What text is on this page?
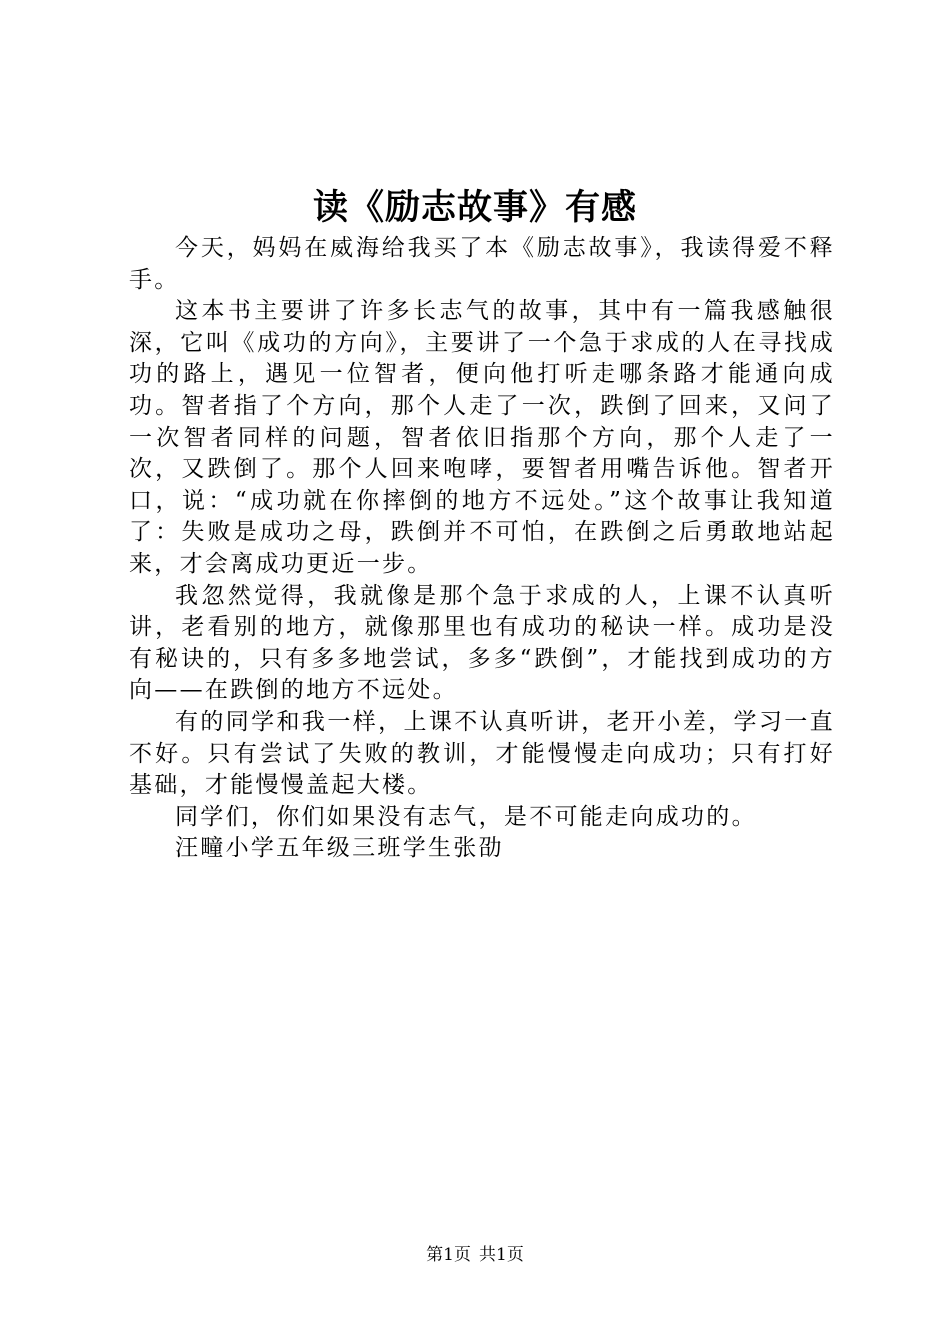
读《励志故事》有感

今天，妈妈在威海给我买了本《励志故事》，我读得爱不释手。

这本书主要讲了许多长志气的故事，其中有一篇我感触很深，它叫《成功的方向》，主要讲了一个急于求成的人在寻找成功的路上，遇见一位智者，便向他打听走哪条路才能通向成功。智者指了个方向，那个人走了一次，跌倒了回来，又问了一次智者同样的问题，智者依旧指那个方向，那个人走了一次，又跌倒了。那个人回来咆哮，要智者用嘴告诉他。智者开口，说：“成功就在你摔倒的地方不远处。”这个故事让我知道了：失败是成功之母，跌倒并不可怕，在跌倒之后勇敢地站起来，才会离成功更近一步。

我忽然觉得，我就像是那个急于求成的人，上课不认真听讲，老看别的地方，就像那里也有成功的秘诀一样。成功是没有秘诀的，只有多多地尝试，多多“跌倒”，才能找到成功的方向——在跌倒的地方不远处。

有的同学和我一样，上课不认真听讲，老开小差，学习一直不好。只有尝试了失败的教训，才能慢慢走向成功；只有打好基础，才能慢慢盖起大楼。

同学们，你们如果没有志气，是不可能走向成功的。

汪疃小学五年级三班学生张劭

第1页 共1页
